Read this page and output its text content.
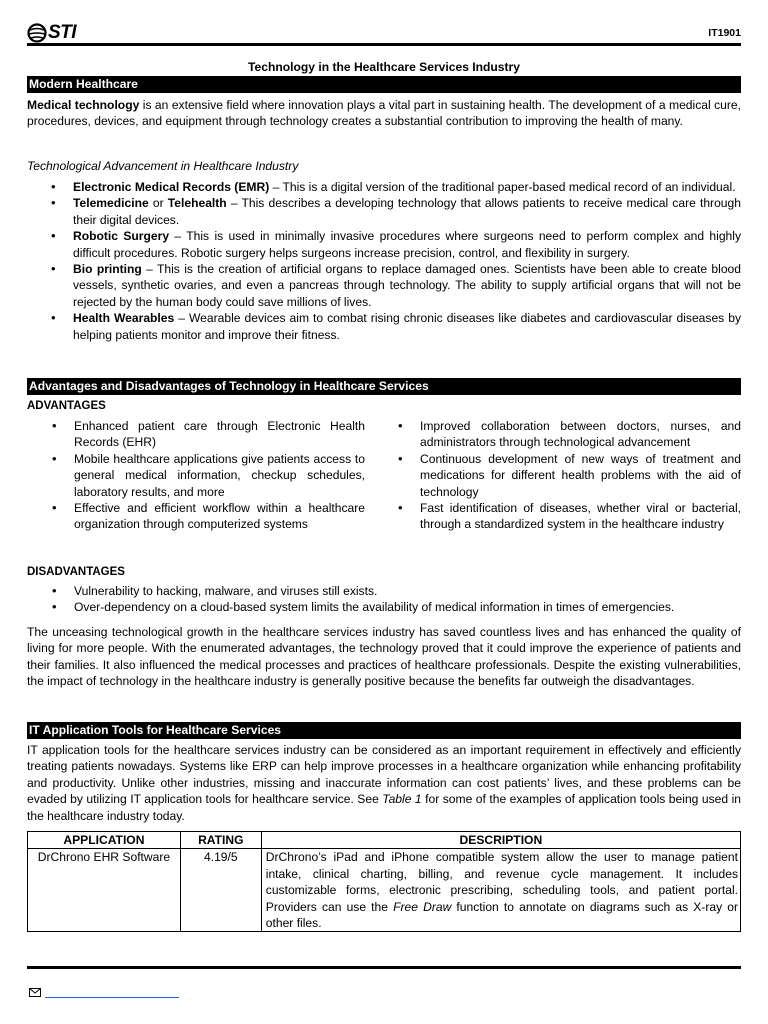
STI	IT1901
Technology in the Healthcare Services Industry
Modern Healthcare

Medical technology is an extensive field where innovation plays a vital part in sustaining health. The development of a medical cure, procedures, devices, and equipment through technology creates a substantial contribution to improving the health of many.

Technological Advancement in Healthcare Industry
• Electronic Medical Records (EMR) – This is a digital version of the traditional paper-based medical record of an individual.
• Telemedicine or Telehealth – This describes a developing technology that allows patients to receive medical care through their digital devices.
• Robotic Surgery – This is used in minimally invasive procedures where surgeons need to perform complex and highly difficult procedures. Robotic surgery helps surgeons increase precision, control, and flexibility in surgery.
• Bio printing – This is the creation of artificial organs to replace damaged ones. Scientists have been able to create blood vessels, synthetic ovaries, and even a pancreas through technology. The ability to supply artificial organs that will not be rejected by the human body could save millions of lives.
• Health Wearables – Wearable devices aim to combat rising chronic diseases like diabetes and cardiovascular diseases by helping patients monitor and improve their fitness.
Advantages and Disadvantages of Technology in Healthcare Services
ADVANTAGES
• Enhanced patient care through Electronic Health Records (EHR)
• Mobile healthcare applications give patients access to general medical information, checkup schedules, laboratory results, and more
• Effective and efficient workflow within a healthcare organization through computerized systems
• Improved collaboration between doctors, nurses, and administrators through technological advancement
• Continuous development of new ways of treatment and medications for different health problems with the aid of technology
• Fast identification of diseases, whether viral or bacterial, through a standardized system in the healthcare industry
DISADVANTAGES
• Vulnerability to hacking, malware, and viruses still exists.
• Over-dependency on a cloud-based system limits the availability of medical information in times of emergencies.

The unceasing technological growth in the healthcare services industry has saved countless lives and has enhanced the quality of living for more people. With the enumerated advantages, the technology proved that it could improve the experience of patients and their families. It also influenced the medical processes and practices of healthcare professionals. Despite the existing vulnerabilities, the impact of technology in the healthcare industry is generally positive because the benefits far outweigh the disadvantages.

IT Application Tools for Healthcare Services

IT application tools for the healthcare services industry can be considered as an important requirement in effectively and efficiently treating patients nowadays. Systems like ERP can help improve processes in a healthcare organization while enhancing profitability and productivity. Unlike other industries, missing and inaccurate information can cost patients’ lives, and these problems can be evaded by utilizing IT application tools for healthcare service. See Table 1 for some of the examples of application tools being used in the healthcare industry today.

APPLICATION	RATING	DESCRIPTION
DrChrono EHR Software	4.19/5	DrChrono’s iPad and iPhone compatible system allow the user to manage patient intake, clinical charting, billing, and revenue cycle management. It includes customizable forms, electronic prescribing, scheduling tools, and patient portal. Providers can use the Free Draw function to annotate on diagrams such as X-ray or other files.
